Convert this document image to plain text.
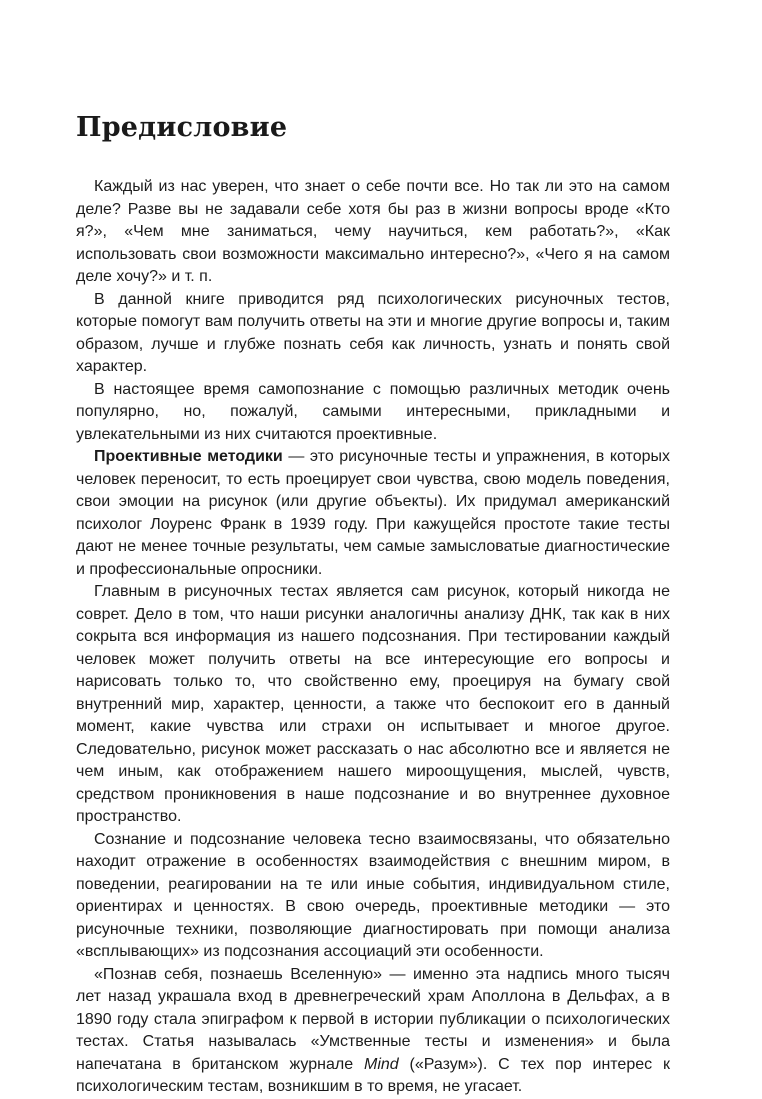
Предисловие

Каждый из нас уверен, что знает о себе почти все. Но так ли это на самом деле? Разве вы не задавали себе хотя бы раз в жизни вопросы вроде «Кто я?», «Чем мне заниматься, чему научиться, кем работать?», «Как использовать свои возможности максимально интересно?», «Чего я на самом деле хочу?» и т. п.

В данной книге приводится ряд психологических рисуночных тестов, которые помогут вам получить ответы на эти и многие другие вопросы и, таким образом, лучше и глубже познать себя как личность, узнать и понять свой характер.

В настоящее время самопознание с помощью различных методик очень популярно, но, пожалуй, самыми интересными, прикладными и увлекательными из них считаются проективные.

Проективные методики — это рисуночные тесты и упражнения, в которых человек переносит, то есть проецирует свои чувства, свою модель поведения, свои эмоции на рисунок (или другие объекты). Их придумал американский психолог Лоуренс Франк в 1939 году. При кажущейся простоте такие тесты дают не менее точные результаты, чем самые замысловатые диагностические и профессиональные опросники.

Главным в рисуночных тестах является сам рисунок, который никогда не соврет. Дело в том, что наши рисунки аналогичны анализу ДНК, так как в них сокрыта вся информация из нашего подсознания. При тестировании каждый человек может получить ответы на все интересующие его вопросы и нарисовать только то, что свойственно ему, проецируя на бумагу свой внутренний мир, характер, ценности, а также что беспокоит его в данный момент, какие чувства или страхи он испытывает и многое другое. Следовательно, рисунок может рассказать о нас абсолютно все и является не чем иным, как отображением нашего мироощущения, мыслей, чувств, средством проникновения в наше подсознание и во внутреннее духовное пространство.

Сознание и подсознание человека тесно взаимосвязаны, что обязательно находит отражение в особенностях взаимодействия с внешним миром, в поведении, реагировании на те или иные события, индивидуальном стиле, ориентирах и ценностях. В свою очередь, проективные методики — это рисуночные техники, позволяющие диагностировать при помощи анализа «всплывающих» из подсознания ассоциаций эти особенности.

«Познав себя, познаешь Вселенную» — именно эта надпись много тысяч лет назад украшала вход в древнегреческий храм Аполлона в Дельфах, а в 1890 году стала эпиграфом к первой в истории публикации о психологических тестах. Статья называлась «Умственные тесты и изменения» и была напечатана в британском журнале Mind («Разум»). С тех пор интерес к психологическим тестам, возникшим в то время, не угасает.
